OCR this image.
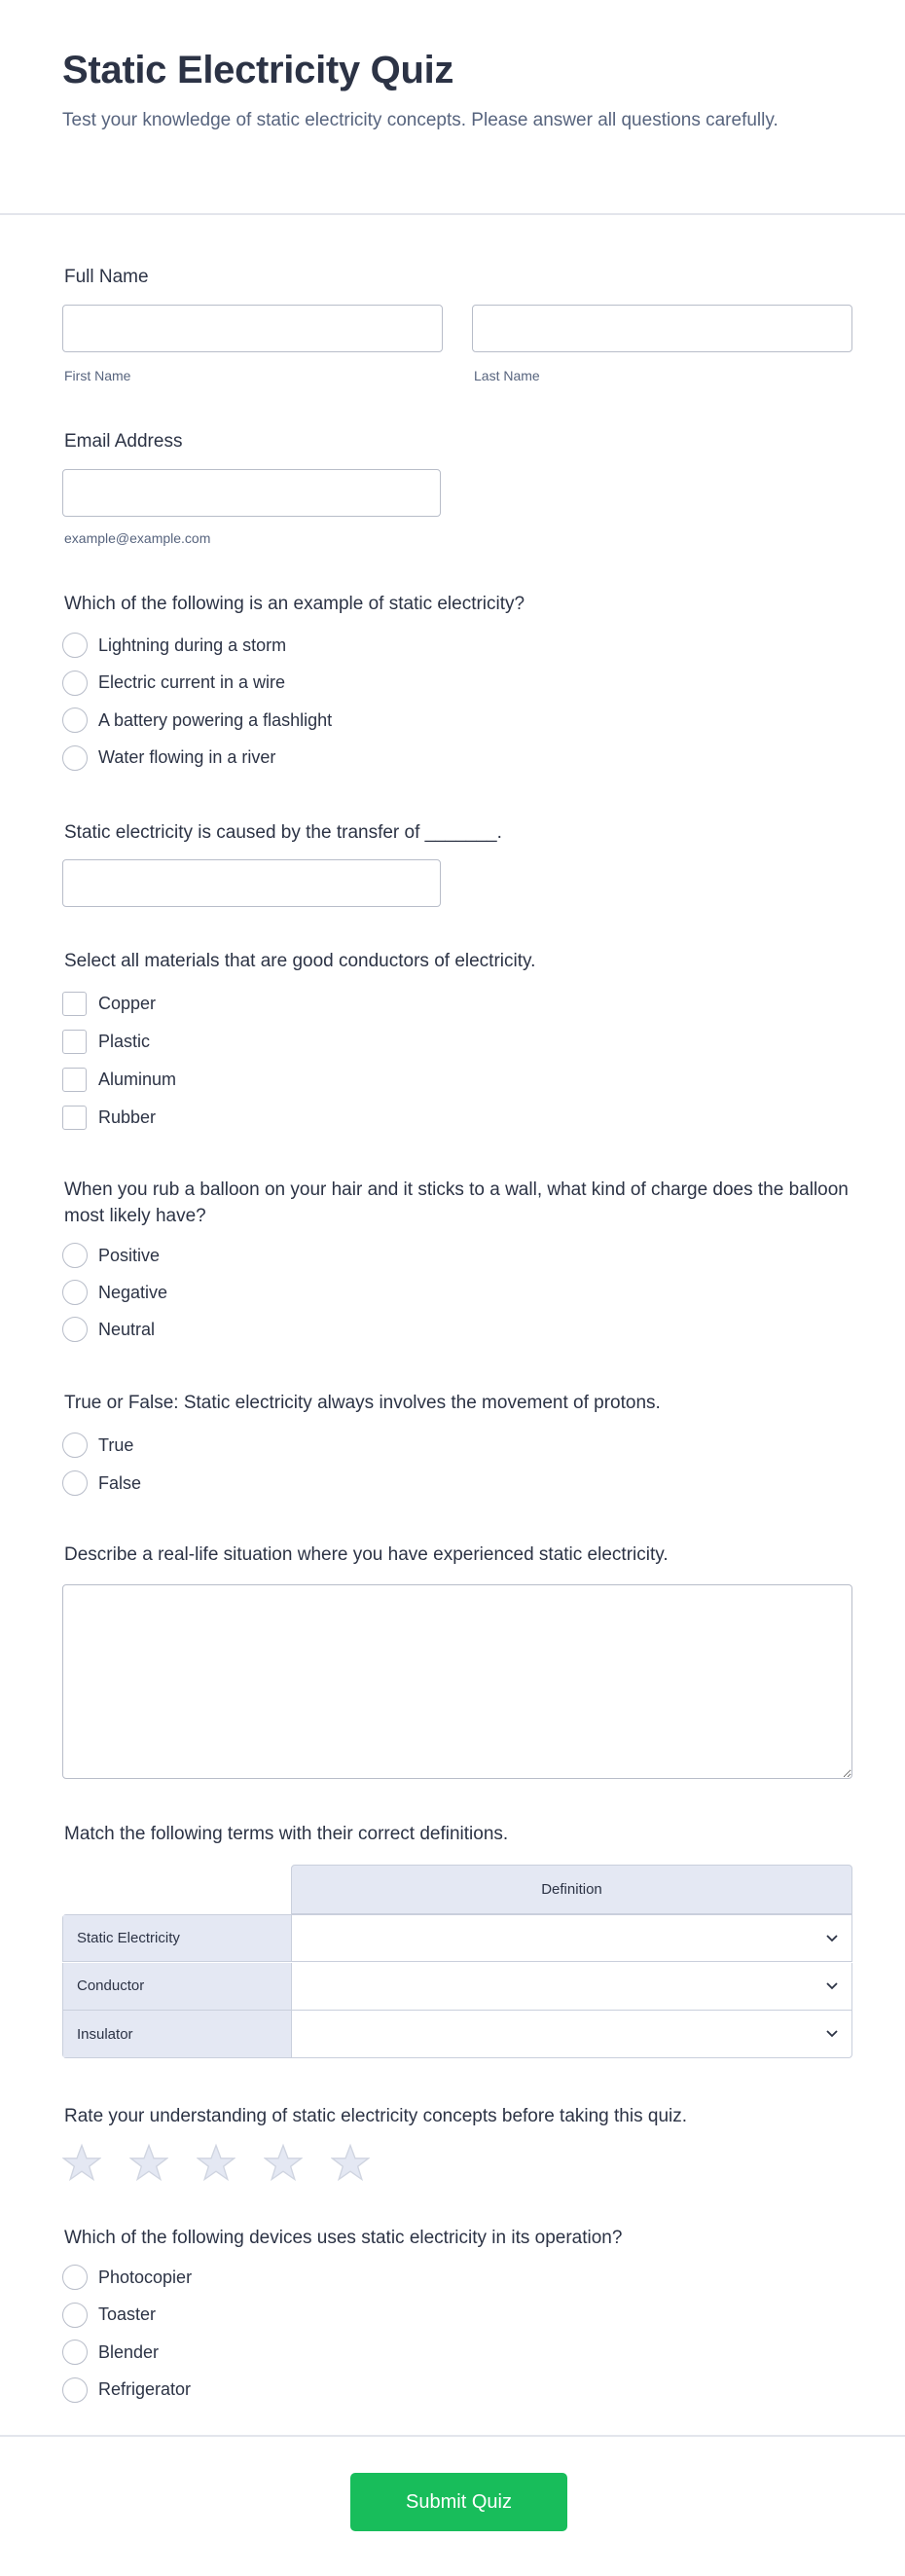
Static Electricity Quiz
Test your knowledge of static electricity concepts. Please answer all questions carefully.
Full Name
First Name	Last Name
Email Address
example@example.com
Which of the following is an example of static electricity?
Lightning during a storm
Electric current in a wire
A battery powering a flashlight
Water flowing in a river
Static electricity is caused by the transfer of _______.
Select all materials that are good conductors of electricity.
Copper
Plastic
Aluminum
Rubber
When you rub a balloon on your hair and it sticks to a wall, what kind of charge does the balloon most likely have?
Positive
Negative
Neutral
True or False: Static electricity always involves the movement of protons.
True
False
Describe a real-life situation where you have experienced static electricity.
Match the following terms with their correct definitions.
Definition
Static Electricity
Conductor
Insulator
Rate your understanding of static electricity concepts before taking this quiz.
Which of the following devices uses static electricity in its operation?
Photocopier
Toaster
Blender
Refrigerator
Submit Quiz
